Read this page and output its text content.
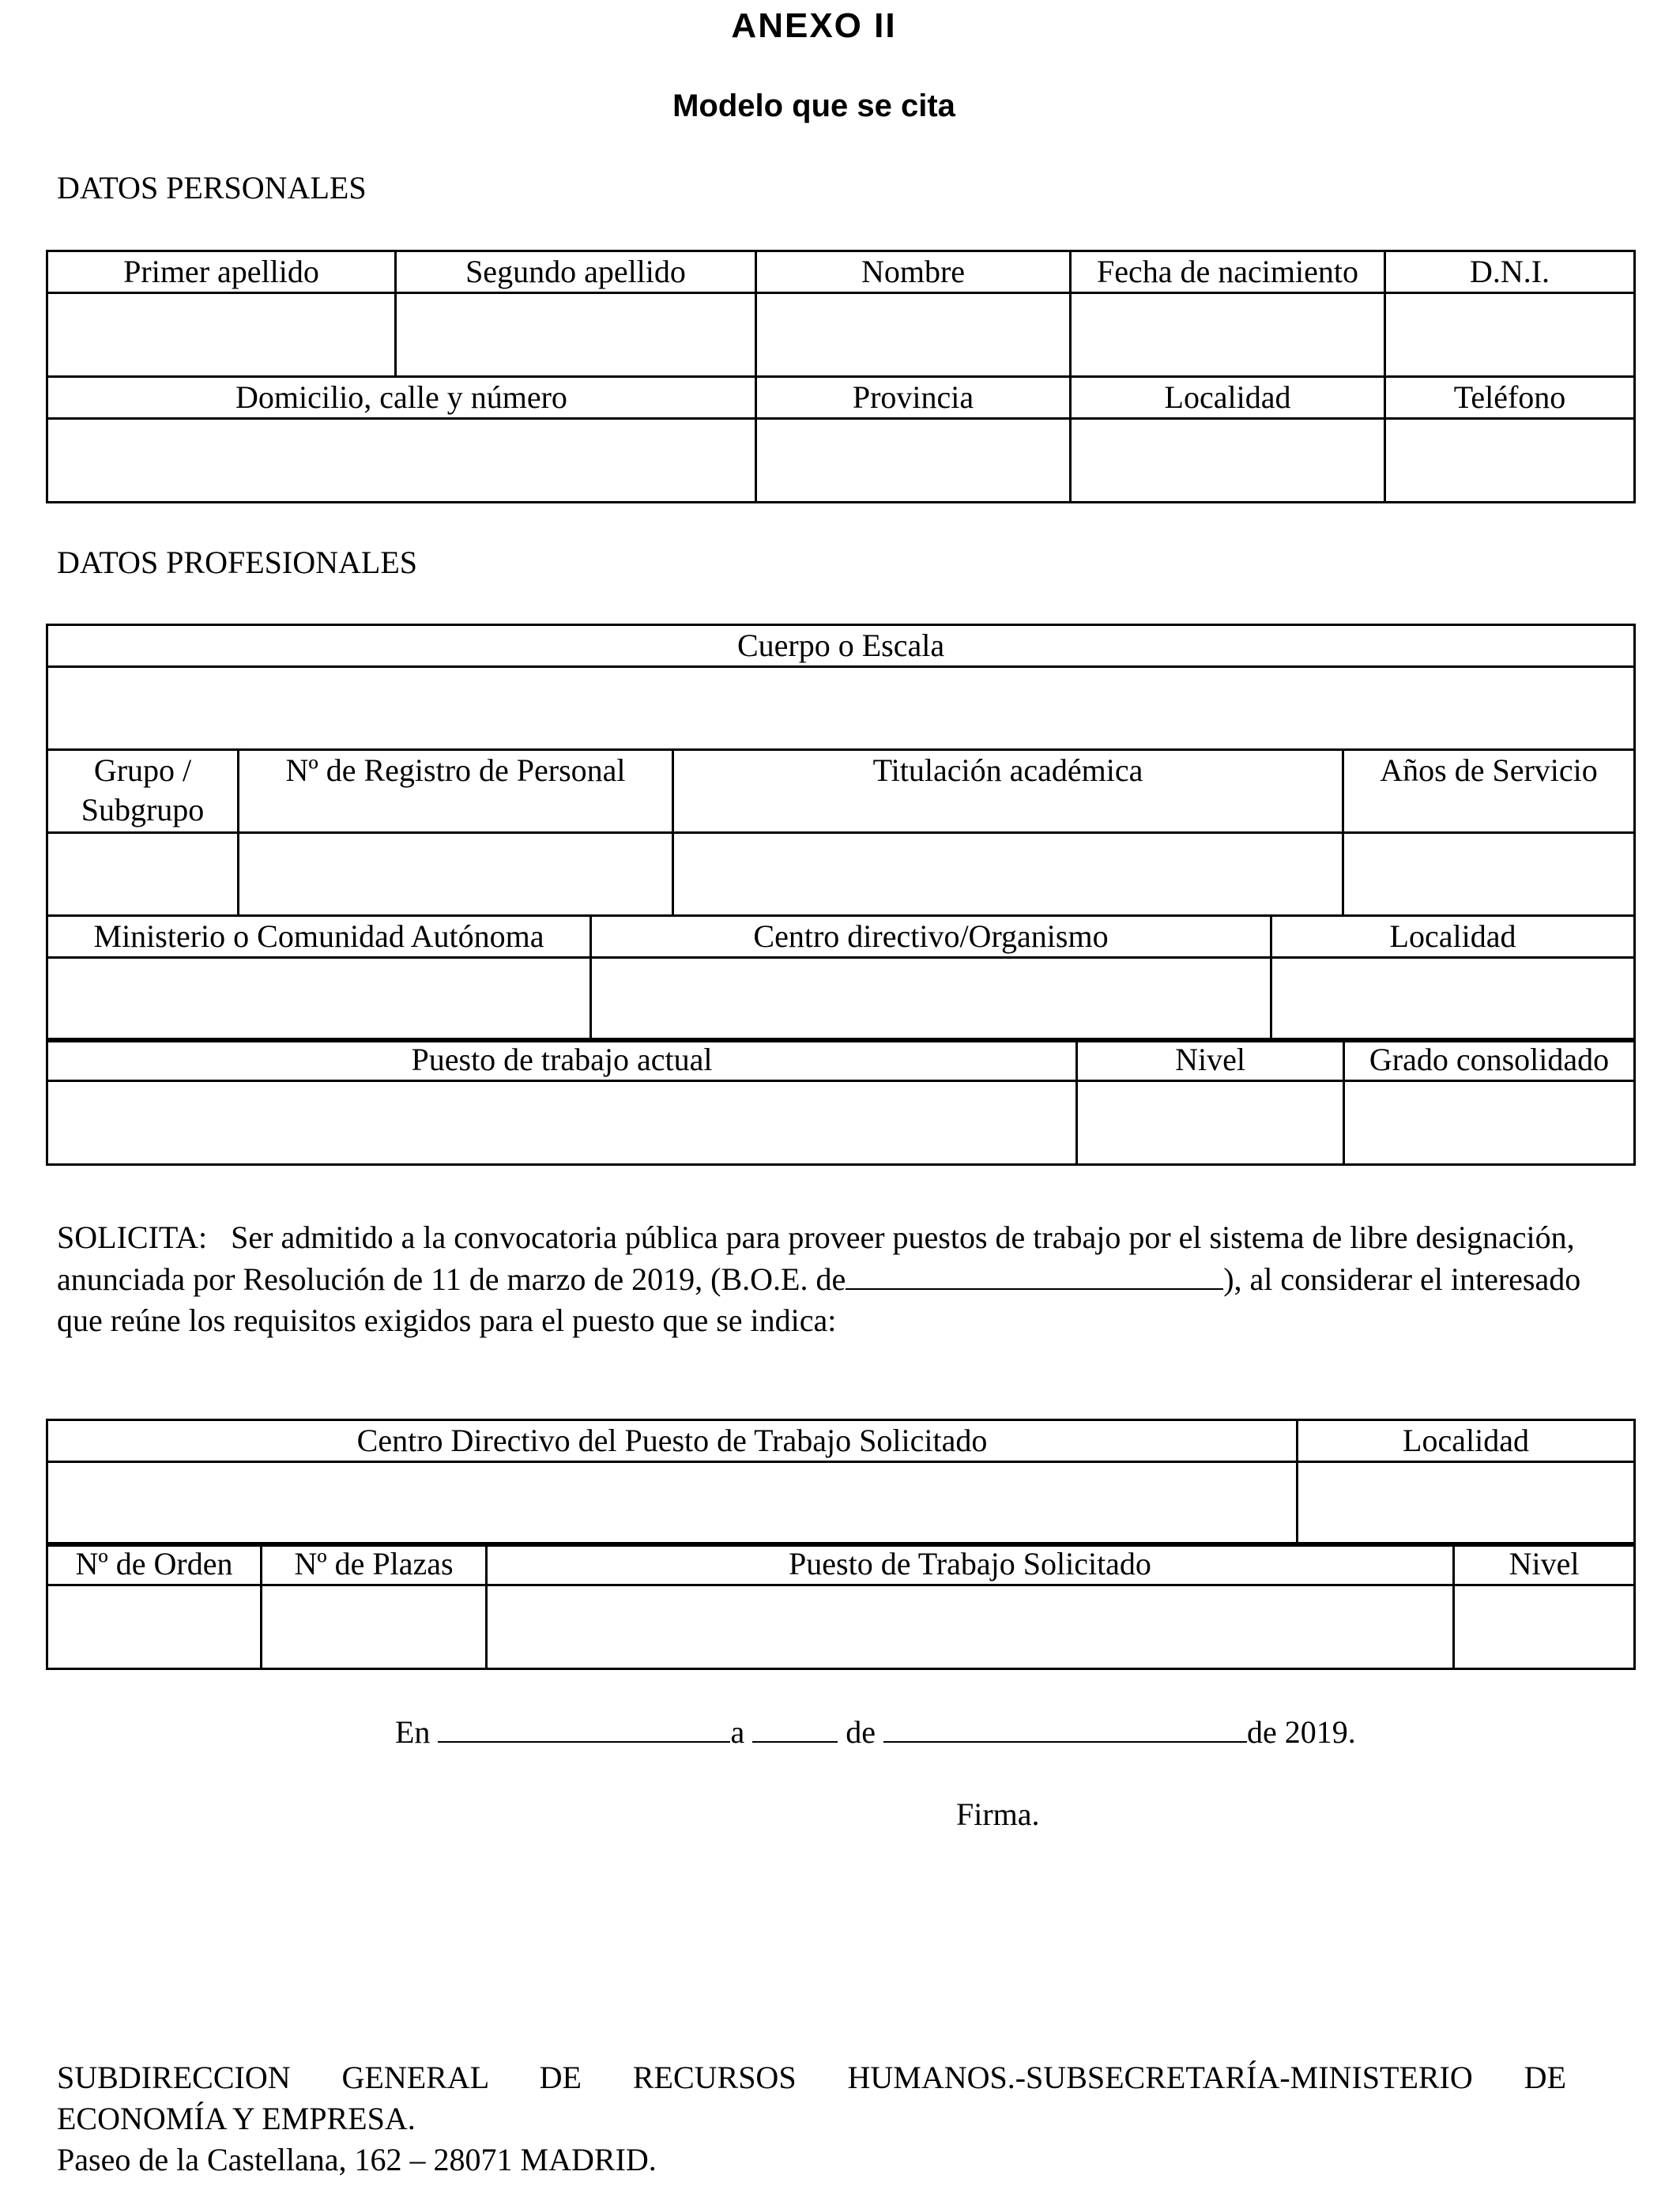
ANEXO II
Modelo que se cita
DATOS PERSONALES
Primer apellido	Segundo apellido	Nombre	Fecha de nacimiento	D.N.I.

Domicilio, calle y número		Provincia	Localidad	Teléfono

DATOS PROFESIONALES
Cuerpo o Escala			

Grupo / Subgrupo	Nº de Registro de Personal	Titulación académica	Años de Servicio

Ministerio o Comunidad Autónoma	Centro directivo/Organismo	Localidad

Puesto de trabajo actual	Nivel	Grado consolidado

SOLICITA: Ser admitido a la convocatoria pública para proveer puestos de trabajo por el sistema de libre designación, anunciada por Resolución de 11 de marzo de 2019, (B.O.E. de	), al considerar el interesado que reúne los requisitos exigidos para el puesto que se indica:
Centro Directivo del Puesto de Trabajo Solicitado	Localidad

Nº de Orden	Nº de Plazas	Puesto de Trabajo Solicitado	Nivel

En	a	de	de 2019.
Firma.
SUBDIRECCION GENERAL DE RECURSOS HUMANOS.-SUBSECRETARÍA-MINISTERIO DE
ECONOMÍA Y EMPRESA.
Paseo de la Castellana, 162 – 28071 MADRID.
